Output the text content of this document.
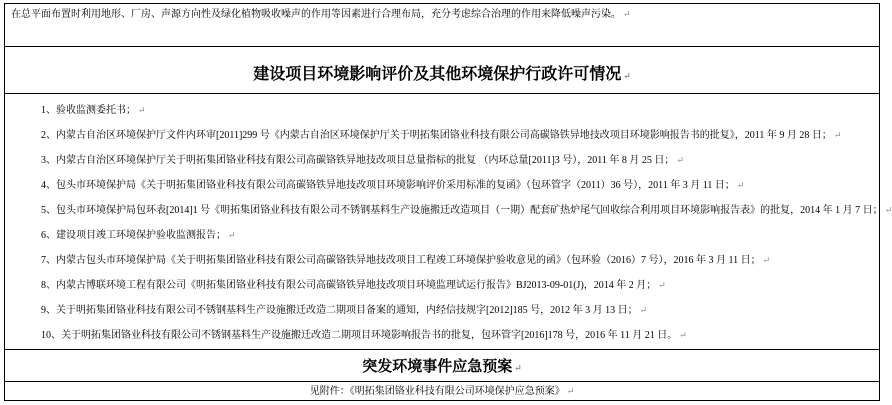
在总平面布置时利用地形、厂房、声源方向性及绿化植物吸收噪声的作用等因素进行合理布局，充分考虑综合治理的作用来降低噪声污染。 ↵
建设项目环境影响评价及其他环境保护行政许可情况 ↵
1、验收监测委托书； ↵
2、内蒙古自治区环境保护厅文件内环审[2011]299 号《内蒙古自治区环境保护厅关于明拓集团铬业科技有限公司高碳铬铁异地技改项目环境影响报告书的批复》，2011 年 9 月 28 日； ↵
3、内蒙古自治区环境保护厅关于明拓集团铬业科技有限公司高碳铬铁异地技改项目总量指标的批复 （内环总量[2011]3 号），2011 年 8 月 25 日； ↵
4、包头市环境保护局《关于明拓集团铬业科技有限公司高碳铬铁异地技改项目环境影响评价采用标准的复函》（包环管字（2011）36 号），2011 年 3 月 11 日； ↵
5、包头市环境保护局包环表[2014]1 号《明拓集团铬业科技有限公司不锈钢基料生产设施搬迁改造项目（一期）配套矿热炉尾气回收综合利用项目环境影响报告表》的批复，2014 年 1 月 7 日； ↵
6、建设项目竣工环境保护验收监测报告； ↵
7、内蒙古包头市环境保护局《关于明拓集团铬业科技有限公司高碳铬铁异地技改项目工程竣工环境保护验收意见的函》（包环验（2016）7 号），2016 年 3 月 11 日； ↵
8、内蒙古博联环境工程有限公司《明拓集团铬业科技有限公司高碳铬铁异地技改项目环境监理试运行报告》BJ2013-09-01(J)，2014 年 2 月； ↵
9、关于明拓集团铬业科技有限公司不锈钢基料生产设施搬迁改造二期项目备案的通知，内经信技规字[2012]185 号，2012 年 3 月 13 日； ↵
10、关于明拓集团铬业科技有限公司不锈钢基料生产设施搬迁改造二期项目环境影响报告书的批复，包环管字[2016]178 号，2016 年 11 月 21 日。 ↵
突发环境事件应急预案 ↵
见附件：《明拓集团铬业科技有限公司环境保护应急预案》 ↵
